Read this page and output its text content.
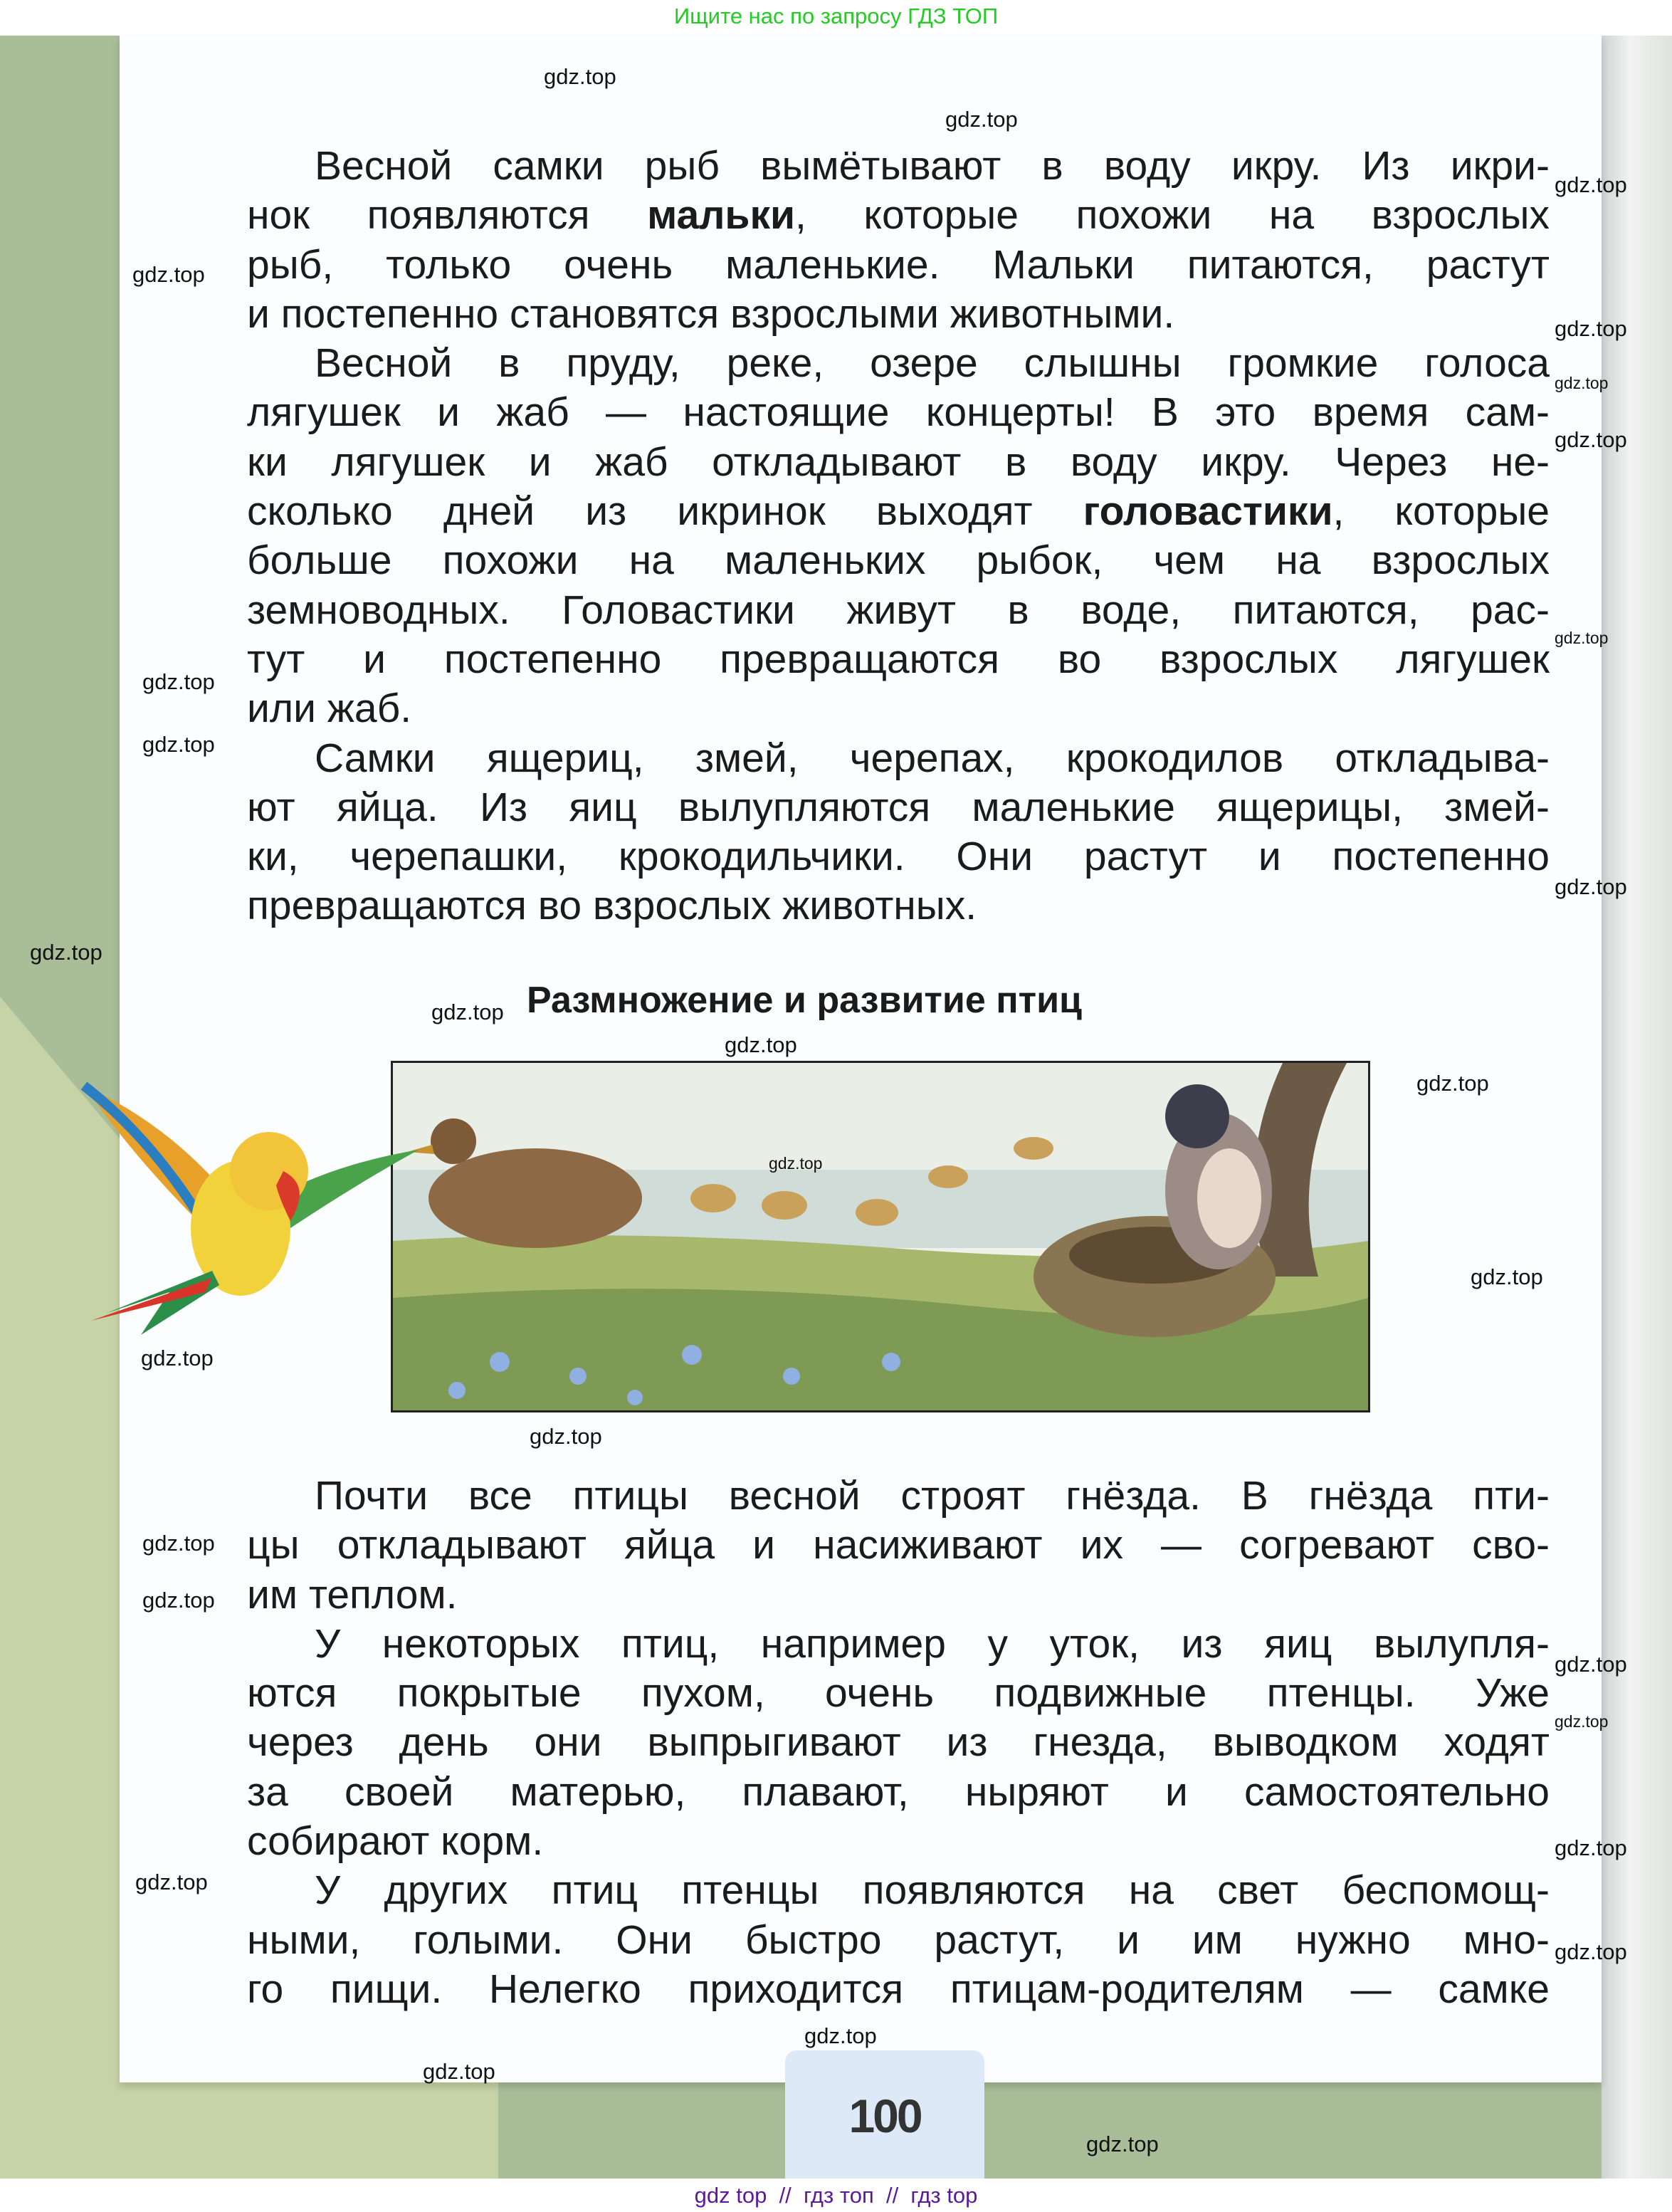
Ищите нас по запросу ГДЗ ТОП
Весной самки рыб вымётывают в воду икру. Из икри-
нок появляются мальки, которые похожи на взрослых
рыб, только очень маленькие. Мальки питаются, растут
и постепенно становятся взрослыми животными.
Весной в пруду, реке, озере слышны громкие голоса
лягушек и жаб — настоящие концерты! В это время сам-
ки лягушек и жаб откладывают в воду икру. Через не-
сколько дней из икринок выходят головастики, которые
больше похожи на маленьких рыбок, чем на взрослых
земноводных. Головастики живут в воде, питаются, рас-
тут и постепенно превращаются во взрослых лягушек
или жаб.
Самки ящериц, змей, черепах, крокодилов откладыва-
ют яйца. Из яиц вылупляются маленькие ящерицы, змей-
ки, черепашки, крокодильчики. Они растут и постепенно
превращаются во взрослых животных.
Размножение и развитие птиц
Почти все птицы весной строят гнёзда. В гнёзда пти-
цы откладывают яйца и насиживают их — согревают сво-
им теплом.
У некоторых птиц, например у уток, из яиц вылупля-
ются покрытые пухом, очень подвижные птенцы. Уже
через день они выпрыгивают из гнезда, выводком ходят
за своей матерью, плавают, ныряют и самостоятельно
собирают корм.
У других птиц птенцы появляются на свет беспомощ-
ными, голыми. Они быстро растут, и им нужно мно-
го пищи. Нелегко приходится птицам-родителям — самке
100
gdz.top
gdz.top
gdz.top
gdz.top
gdz.top
gdz.top
gdz.top
gdz.top
gdz.top
gdz.top
gdz.top
gdz.top
gdz.top
gdz.top
gdz.top
gdz.top
gdz.top
gdz.top
gdz.top
gdz.top
gdz.top
gdz.top
gdz.top
gdz.top
gdz.top
gdz.top
gdz.top
gdz.top
gdz.top
gdz top  //  гдз топ  //  гдз top
